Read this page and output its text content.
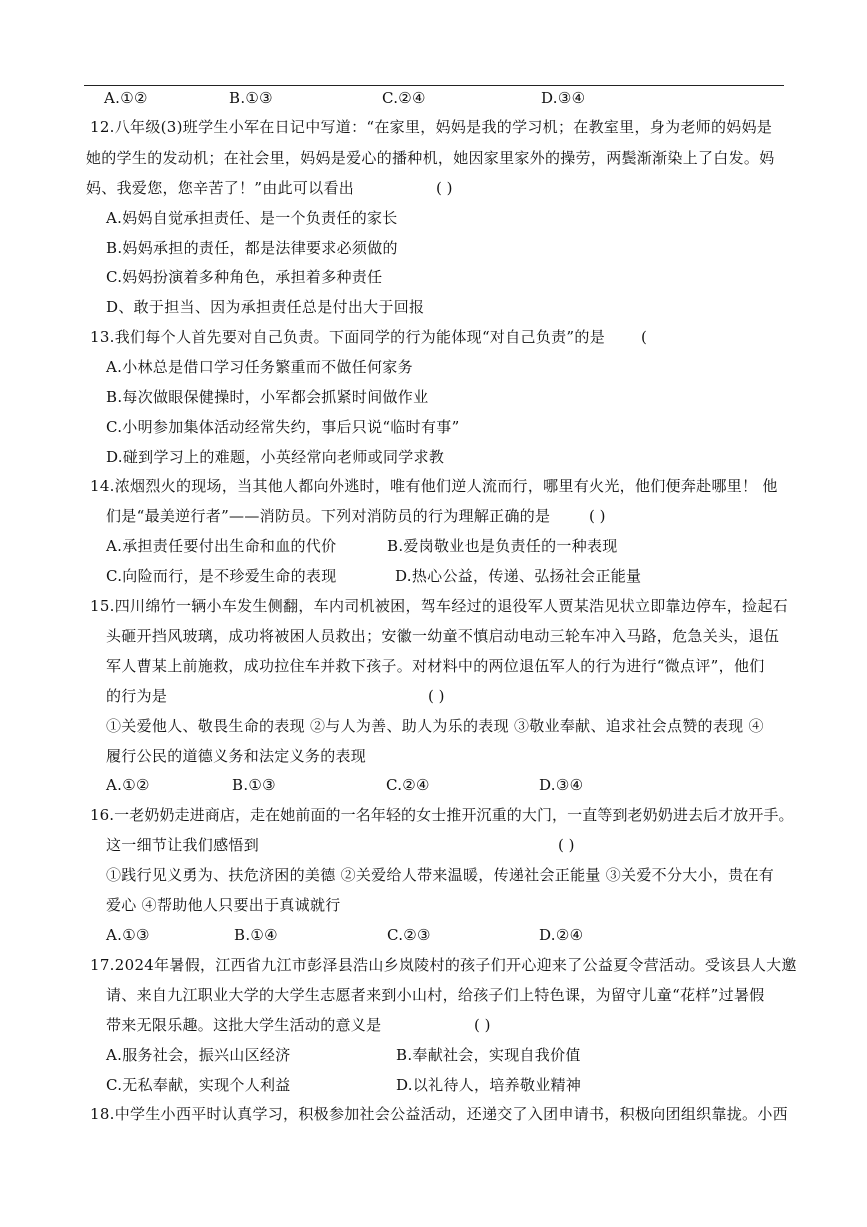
A.①②	B.①③	C.②④	D.③④
12.八年级(3)班学生小军在日记中写道：“在家里，妈妈是我的学习机；在教室里，身为老师的妈妈是
她的学生的发动机；在社会里，妈妈是爱心的播种机，她因家里家外的操劳，两鬓渐渐染上了白发。妈
妈、我爱您，您辛苦了！”由此可以看出	( )
A.妈妈自觉承担责任、是一个负责任的家长
B.妈妈承担的责任，都是法律要求必须做的
C.妈妈扮演着多种角色，承担着多种责任
D、敢于担当、因为承担责任总是付出大于回报
13.我们每个人首先要对自己负责。下面同学的行为能体现“对自己负责”的是 (
A.小林总是借口学习任务繁重而不做任何家务
B.每次做眼保健操时，小军都会抓紧时间做作业
C.小明参加集体活动经常失约，事后只说“临时有事”
D.碰到学习上的难题，小英经常向老师或同学求教
14.浓烟烈火的现场，当其他人都向外逃时，唯有他们逆人流而行，哪里有火光，他们便奔赴哪里！ 他
们是“最美逆行者”——消防员。下列对消防员的行为理解正确的是	( )
A.承担责任要付出生命和血的代价	B.爱岗敬业也是负责任的一种表现
C.向险而行，是不珍爱生命的表现	D.热心公益，传递、弘扬社会正能量
15.四川绵竹一辆小车发生侧翻，车内司机被困，驾车经过的退役军人贾某浩见状立即靠边停车，捡起石
头砸开挡风玻璃，成功将被困人员救出；安徽一幼童不慎启动电动三轮车冲入马路，危急关头，退伍
军人曹某上前施救，成功拉住车并救下孩子。对材料中的两位退伍军人的行为进行“微点评”，他们
的行为是	( )
①关爱他人、敬畏生命的表现 ②与人为善、助人为乐的表现 ③敬业奉献、追求社会点赞的表现 ④
履行公民的道德义务和法定义务的表现
A.①②	B.①③	C.②④	D.③④
16.一老奶奶走进商店，走在她前面的一名年轻的女士推开沉重的大门，一直等到老奶奶进去后才放开手。
这一细节让我们感悟到	( )
①践行见义勇为、扶危济困的美德 ②关爱给人带来温暖，传递社会正能量 ③关爱不分大小，贵在有
爱心 ④帮助他人只要出于真诚就行
A.①③	B.①④	C.②③	D.②④
17.2024年暑假，江西省九江市彭泽县浩山乡岚陵村的孩子们开心迎来了公益夏令营活动。受该县人大邀
请、来自九江职业大学的大学生志愿者来到小山村，给孩子们上特色课，为留守儿童“花样”过暑假
带来无限乐趣。这批大学生活动的意义是	( )
A.服务社会，振兴山区经济	B.奉献社会，实现自我价值
C.无私奉献，实现个人利益	D.以礼待人，培养敬业精神
18.中学生小西平时认真学习，积极参加社会公益活动，还递交了入团申请书，积极向团组织靠拢。小西
